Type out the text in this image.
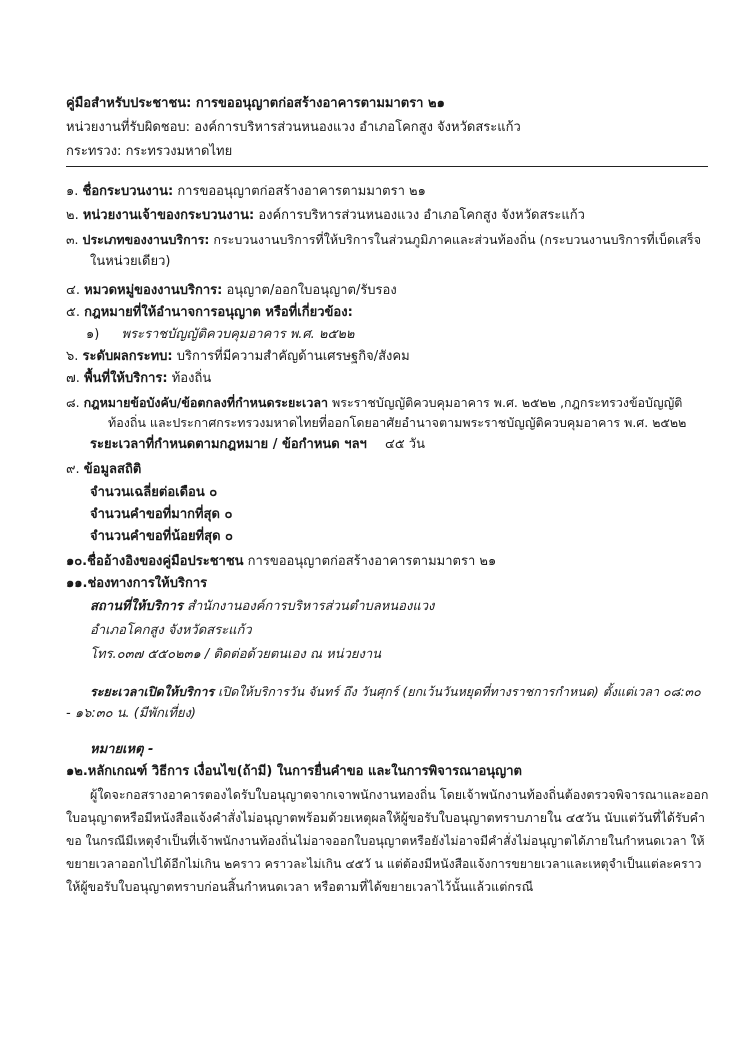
คู่มือสำหรับประชาชน: การขออนุญาตก่อสร้างอาคารตามมาตรา ๒๑
หน่วยงานที่รับผิดชอบ: องค์การบริหารส่วนหนองแวง อำเภอโคกสูง จังหวัดสระแก้ว
กระทรวง: กระทรวงมหาดไทย
๑. ชื่อกระบวนงาน: การขออนุญาตก่อสร้างอาคารตามมาตรา ๒๑
๒. หน่วยงานเจ้าของกระบวนงาน: องค์การบริหารส่วนหนองแวง อำเภอโคกสูง จังหวัดสระแก้ว
๓. ประเภทของงานบริการ: กระบวนงานบริการที่ให้บริการในส่วนภูมิภาคและส่วนท้องถิ่น (กระบวนงานบริการที่เบ็ดเสร็จ
ในหน่วยเดียว)
๔. หมวดหมู่ของงานบริการ: อนุญาต/ออกใบอนุญาต/รับรอง
๕. กฎหมายที่ให้อำนาจการอนุญาต หรือที่เกี่ยวข้อง:
๑) พระราชบัญญัติควบคุมอาคาร พ.ศ. ๒๕๒๒
๖. ระดับผลกระทบ: บริการที่มีความสำคัญด้านเศรษฐกิจ/สังคม
๗. พื้นที่ให้บริการ: ท้องถิ่น
๘. กฎหมายข้อบังคับ/ข้อตกลงที่กำหนดระยะเวลา พระราชบัญญัติควบคุมอาคาร พ.ศ. ๒๕๒๒ ,กฎกระทรวงข้อบัญญัติ
ท้องถิ่น และประกาศกระทรวงมหาดไทยที่ออกโดยอาศัยอำนาจตามพระราชบัญญัติควบคุมอาคาร พ.ศ. ๒๕๒๒
ระยะเวลาที่กำหนดตามกฎหมาย / ข้อกำหนด ฯลฯ ๔๕ วัน
๙. ข้อมูลสถิติ
จำนวนเฉลี่ยต่อเดือน ๐
จำนวนคำขอที่มากที่สุด ๐
จำนวนคำขอที่น้อยที่สุด ๐
๑๐.ชื่ออ้างอิงของคู่มือประชาชน การขออนุญาตก่อสร้างอาคารตามมาตรา ๒๑
๑๑.ช่องทางการให้บริการ
สถานที่ให้บริการ สำนักงานองค์การบริหารส่วนตำบลหนองแวง
อำเภอโคกสูง จังหวัดสระแก้ว
โทร.๐๓๗ ๕๕๐๒๓๑ / ติดต่อด้วยตนเอง ณ หน่วยงาน
ระยะเวลาเปิดให้บริการ เปิดให้บริการวัน จันทร์ ถึง วันศุกร์ (ยกเว้นวันหยุดที่ทางราชการกำหนด) ตั้งแต่เวลา ๐๘:๓๐
- ๑๖:๓๐ น. (มีพักเที่ยง)
หมายเหตุ -
๑๒.หลักเกณฑ์ วิธีการ เงื่อนไข(ถ้ามี) ในการยื่นคำขอ และในการพิจารณาอนุญาต
ผู้ใดจะกอสรางอาคารตองไดรับใบอนุญาตจากเจาพนักงานทองถิ่น โดยเจ้าพนักงานท้องถิ่นต้องตรวจพิจารณาและออก
ใบอนุญาตหรือมีหนังสือแจ้งคำสั่งไม่อนุญาตพร้อมด้วยเหตุผลให้ผู้ขอรับใบอนุญาตทราบภายใน ๔๕วัน นับแต่วันที่ได้รับคำ
ขอ ในกรณีมีเหตุจำเป็นที่เจ้าพนักงานท้องถิ่นไม่อาจออกใบอนุญาตหรือยังไม่อาจมีคำสั่งไม่อนุญาตได้ภายในกำหนดเวลา ให้
ขยายเวลาออกไปได้อีกไม่เกิน ๒คราว คราวละไม่เกิน ๔๕วั น แต่ต้องมีหนังสือแจ้งการขยายเวลาและเหตุจำเป็นแต่ละคราว
ให้ผู้ขอรับใบอนุญาตทราบก่อนสิ้นกำหนดเวลา หรือตามที่ได้ขยายเวลาไว้นั้นแล้วแต่กรณี
